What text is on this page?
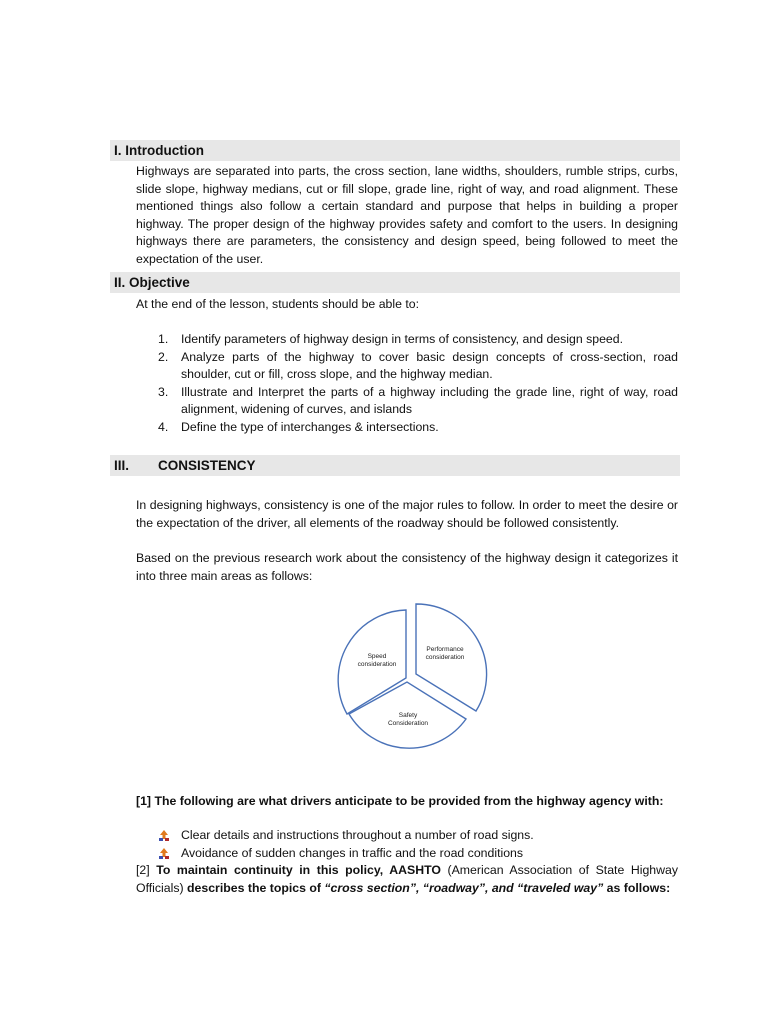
I. Introduction
Highways are separated into parts, the cross section, lane widths, shoulders, rumble strips, curbs, slide slope, highway medians, cut or fill slope, grade line, right of way, and road alignment. These mentioned things also follow a certain standard and purpose that helps in building a proper highway. The proper design of the highway provides safety and comfort to the users. In designing highways there are parameters, the consistency and design speed, being followed to meet the expectation of the user.
II. Objective
At the end of the lesson, students should be able to:
1. Identify parameters of highway design in terms of consistency, and design speed.
2. Analyze parts of the highway to cover basic design concepts of cross-section, road shoulder, cut or fill, cross slope, and the highway median.
3. Illustrate and Interpret the parts of a highway including the grade line, right of way, road alignment, widening of curves, and islands
4. Define the type of interchanges & intersections.
III. CONSISTENCY
In designing highways, consistency is one of the major rules to follow. In order to meet the desire or the expectation of the driver, all elements of the roadway should be followed consistently.
Based on the previous research work about the consistency of the highway design it categorizes it into three main areas as follows:
Speed
consideration
Performance
consideration
Safety
Consideration
[1] The following are what drivers anticipate to be provided from the highway agency with:
Clear details and instructions throughout a number of road signs.
Avoidance of sudden changes in traffic and the road conditions
[2] To maintain continuity in this policy, AASHTO (American Association of State Highway Officials) describes the topics of “cross section”, “roadway”, and “traveled way” as follows:
